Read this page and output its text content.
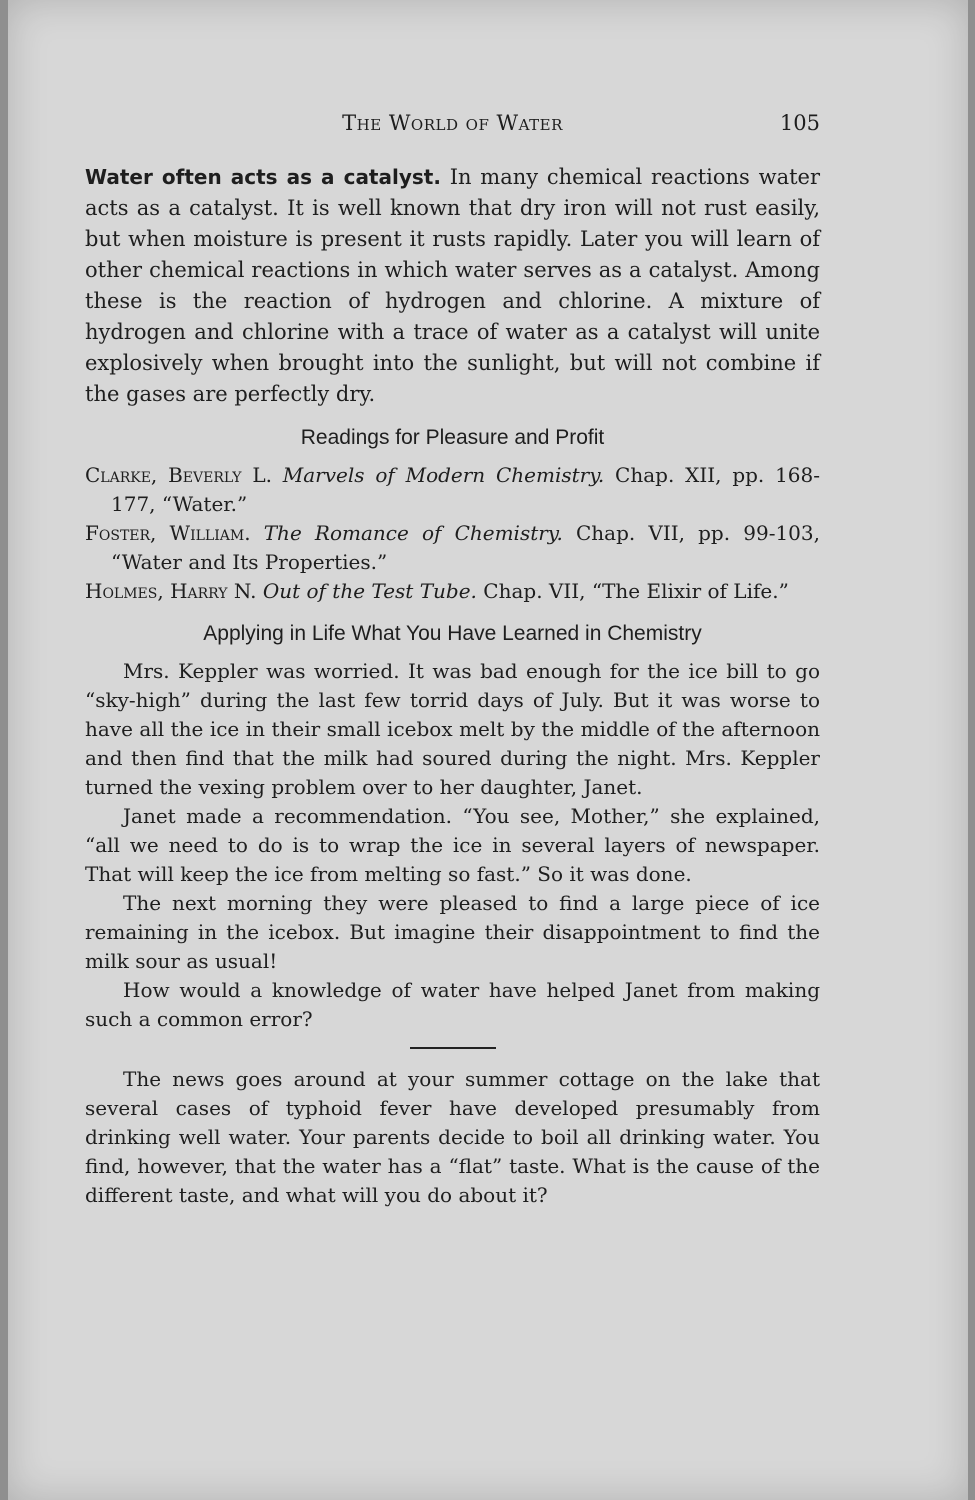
The World of Water	105

Water often acts as a catalyst. In many chemical reactions water acts as a catalyst. It is well known that dry iron will not rust easily, but when moisture is present it rusts rapidly. Later you will learn of other chemical reactions in which water serves as a catalyst. Among these is the reaction of hydrogen and chlorine. A mixture of hydrogen and chlorine with a trace of water as a catalyst will unite explosively when brought into the sunlight, but will not combine if the gases are perfectly dry.

Readings for Pleasure and Profit

Clarke, Beverly L. Marvels of Modern Chemistry. Chap. XII, pp. 168-177, “Water.”

Foster, William. The Romance of Chemistry. Chap. VII, pp. 99-103, “Water and Its Properties.”

Holmes, Harry N. Out of the Test Tube. Chap. VII, “The Elixir of Life.”

Applying in Life What You Have Learned in Chemistry

Mrs. Keppler was worried. It was bad enough for the ice bill to go “sky-high” during the last few torrid days of July. But it was worse to have all the ice in their small icebox melt by the middle of the afternoon and then find that the milk had soured during the night. Mrs. Keppler turned the vexing problem over to her daughter, Janet.

Janet made a recommendation. “You see, Mother,” she explained, “all we need to do is to wrap the ice in several layers of newspaper. That will keep the ice from melting so fast.” So it was done.

The next morning they were pleased to find a large piece of ice remaining in the icebox. But imagine their disappointment to find the milk sour as usual!

How would a knowledge of water have helped Janet from making such a common error?

The news goes around at your summer cottage on the lake that several cases of typhoid fever have developed presumably from drinking well water. Your parents decide to boil all drinking water. You find, however, that the water has a “flat” taste. What is the cause of the different taste, and what will you do about it?
